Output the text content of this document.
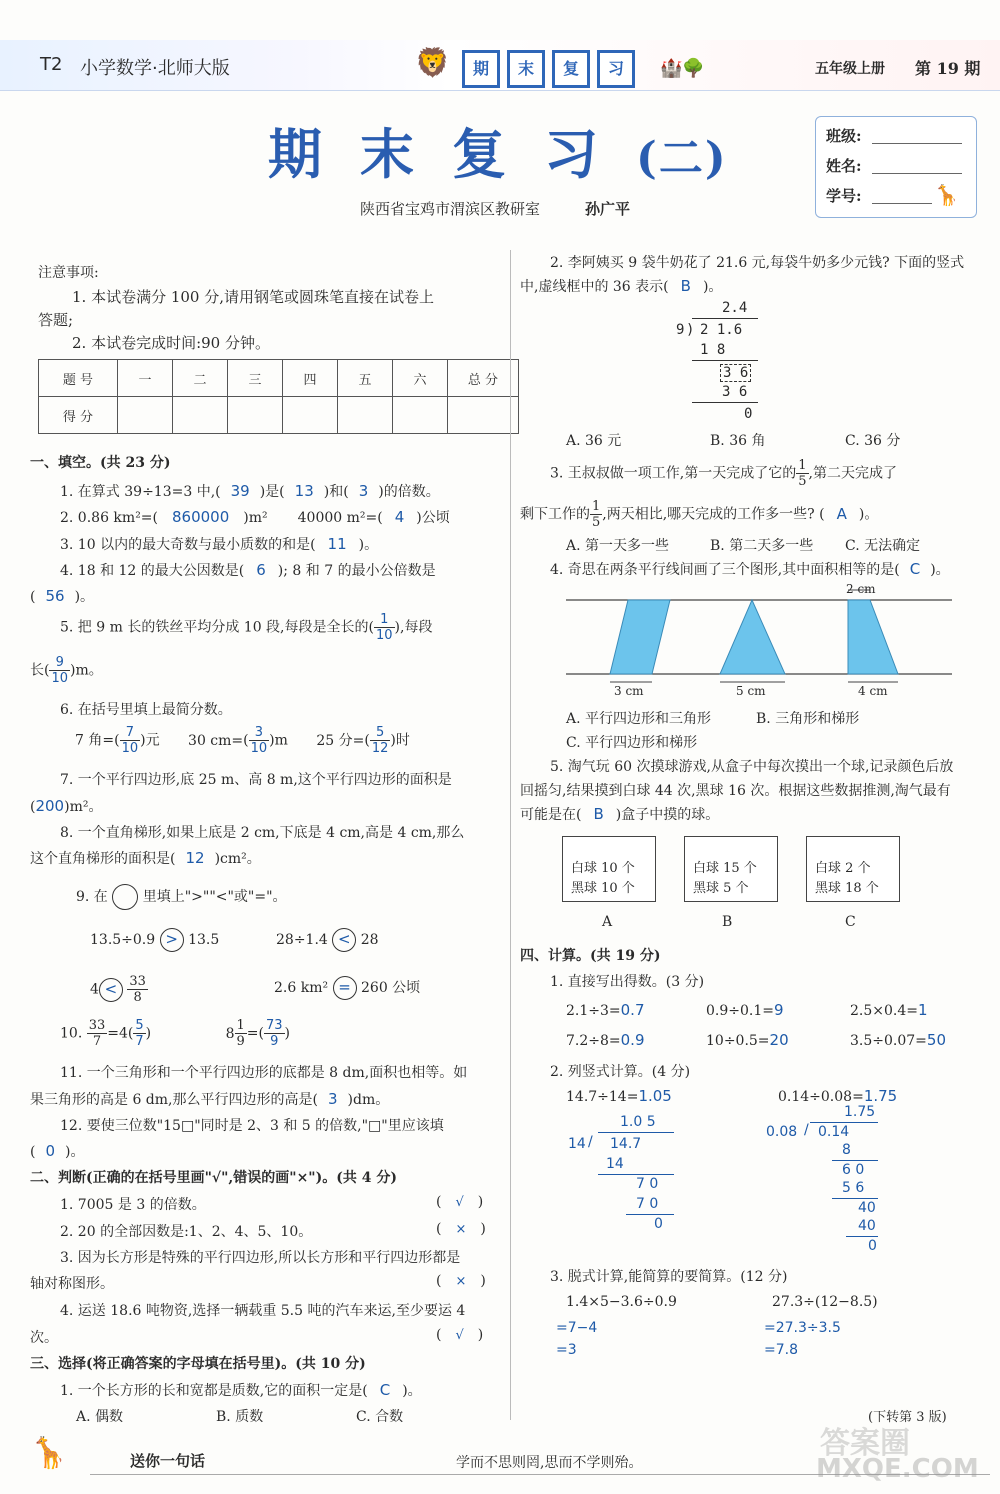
T2 小学数学·北师大版	🦁	期	末	复	习	🏰🌳	五年级上册 第 19 期
期 末 复 习 (二)
陕西省宝鸡市渭滨区教研室	孙广平
班级:
姓名:
学号:	🦒
注意事项:
1. 本试卷满分 100 分,请用钢笔或圆珠笔直接在试卷上
答题;
2. 本试卷完成时间:90 分钟。
题 号	一	二	三	四	五	六	总 分
得 分							
一、填空。(共 23 分)
1. 在算式 39÷13=3 中,( 39 )是( 13 )和( 3 )的倍数。
2. 0.86 km²=( 860000 )m² 40000 m²=( 4 )公顷
3. 10 以内的最大奇数与最小质数的和是( 11 )。
4. 18 和 12 的最大公因数是( 6 ); 8 和 7 的最小公倍数是
( 56 )。
5. 把 9 m 长的铁丝平均分成 10 段,每段是全长的( $\frac{1}{10}$ ),每段
长( $\frac{9}{10} )m$。
6. 在括号里填上最简分数。
7 角=( $\frac{7}{10}$ )元 30 $cm=( \frac{3}{10} )m$ 25 分=( $\frac{5}{12}$ )时
7. 一个平行四边形,底 25 m、高 8 m,这个平行四边形的面积是
(200)m²。
8. 一个直角梯形,如果上底是 2 cm,下底是 4 cm,高是 4 cm,那么
这个直角梯形的面积是( 12 )cm²。
9. 在 里填上">""<"或"="。
13.5÷0.9 > 13.5	28÷1.4 < 28
$4 < \frac{33}{8}$	2.6 km² = 260 公顷
10. $\frac{33}{7} =4( \frac{5}{7}$ )	$8 \frac{1}{9}$ =( $\frac{73}{9}$ )
11. 一个三角形和一个平行四边形的底都是 8 dm,面积也相等。如
果三角形的高是 6 dm,那么平行四边形的高是( 3 )dm。
12. 要使三位数"15□"同时是 2、3 和 5 的倍数,"□"里应该填
( 0 )。
二、判断(正确的在括号里画"√",错误的画"×")。(共 4 分)
1. 7005 是 3 的倍数。	( √ )
2. 20 的全部因数是:1、2、4、5、10。	( × )
3. 因为长方形是特殊的平行四边形,所以长方形和平行四边形都是
轴对称图形。	( × )
4. 运送 18.6 吨物资,选择一辆载重 5.5 吨的汽车来运,至少要运 4
次。	( √ )
三、选择(将正确答案的字母填在括号里)。(共 10 分)
1. 一个长方形的长和宽都是质数,它的面积一定是( C )。
A. 偶数	B. 质数	C. 合数
2. 李阿姨买 9 袋牛奶花了 21.6 元,每袋牛奶多少元钱? 下面的竖式
中,虚线框中的 36 表示( B )。
2.4
9 ) 2 1.6
1 8
3 6
3 6
0
A. 36 元	B. 36 角	C. 36 分
3. 王叔叔做一项工作,第一天完成了它的 $\frac{1}{5}$ ,第二天完成了
剩下工作的 $\frac{1}{5}$ ,两天相比,哪天完成的工作多一些? ( A )。
A. 第一天多一些	B. 第二天多一些 C. 无法确定
4. 奇思在两条平行线间画了三个图形,其中面积相等的是( C )。
2 cm
3 cm	5 cm	4 cm
A. 平行四边形和三角形	B. 三角形和梯形
C. 平行四边形和梯形
5. 淘气玩 60 次摸球游戏,从盒子中每次摸出一个球,记录颜色后放
回摇匀,结果摸到白球 44 次,黑球 16 次。根据这些数据推测,淘气最有
可能是在( B )盒子中摸的球。
白球 10 个
黑球 10 个
白球 15 个
黑球 5 个
白球 2 个
黑球 18 个
A	B	C
四、计算。(共 19 分)
1. 直接写出得数。(3 分)
2.1÷3=0.7	0.9÷0.1=9	2.5×0.4=1
7.2÷8=0.9	10÷0.5=20	3.5÷0.07=50
2. 列竖式计算。(4 分)
14.7÷14=1.05
1.0 5
14 / 14.7
14
7 0
7 0
0
0.14÷0.08=1.75
1.75
0.08 / 0.14
8
6 0
5 6
40
40
0
3. 脱式计算,能简算的要简算。(12 分)
1.4×5−3.6÷0.9
=7−4
=3
27.3÷(12−8.5)
=27.3÷3.5
=7.8
(下转第 3 版)
🦒	送你一句话	学而不思则罔,思而不学则殆。
答案圈
MXQE.COM
